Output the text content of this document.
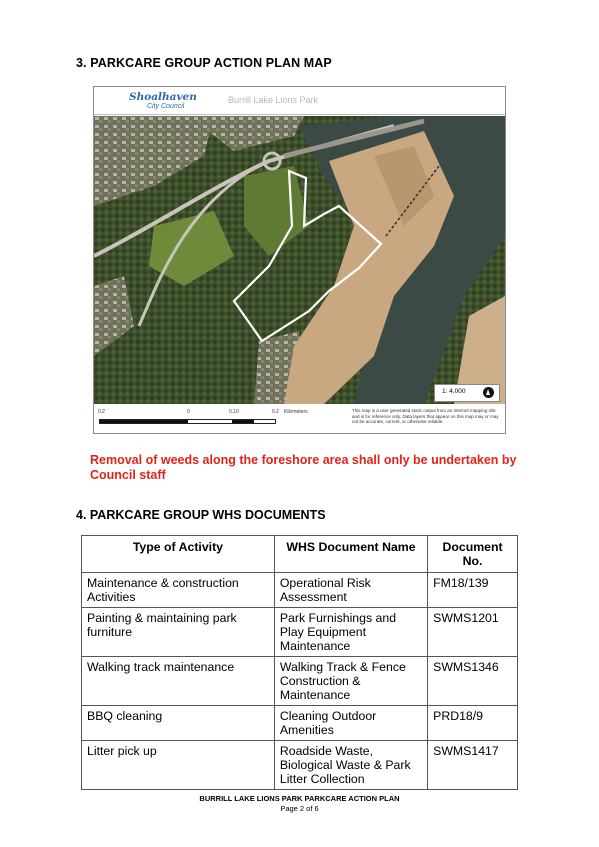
3. PARKCARE GROUP ACTION PLAN MAP
Shoalhaven
City Council
Burrill Lake Lions Park
1: 4,000
0.2	0	0.10	0.2 Kilometers	This map is a user generated static output from an Internet mapping site and is for reference only. Data layers that appear on this map may or may not be accurate, current, or otherwise reliable.
Removal of weeds along the foreshore area shall only be undertaken by Council staff
4. PARKCARE GROUP WHS DOCUMENTS
Type of Activity	WHS Document Name	Document No.
Maintenance & construction Activities	Operational Risk Assessment	FM18/139
Painting & maintaining park furniture	Park Furnishings and Play Equipment Maintenance	SWMS1201
Walking track maintenance	Walking Track & Fence Construction & Maintenance	SWMS1346
BBQ cleaning	Cleaning Outdoor Amenities	PRD18/9
Litter pick up	Roadside Waste, Biological Waste & Park Litter Collection	SWMS1417
BURRILL LAKE LIONS PARK PARKCARE ACTION PLAN
Page 2 of 6
